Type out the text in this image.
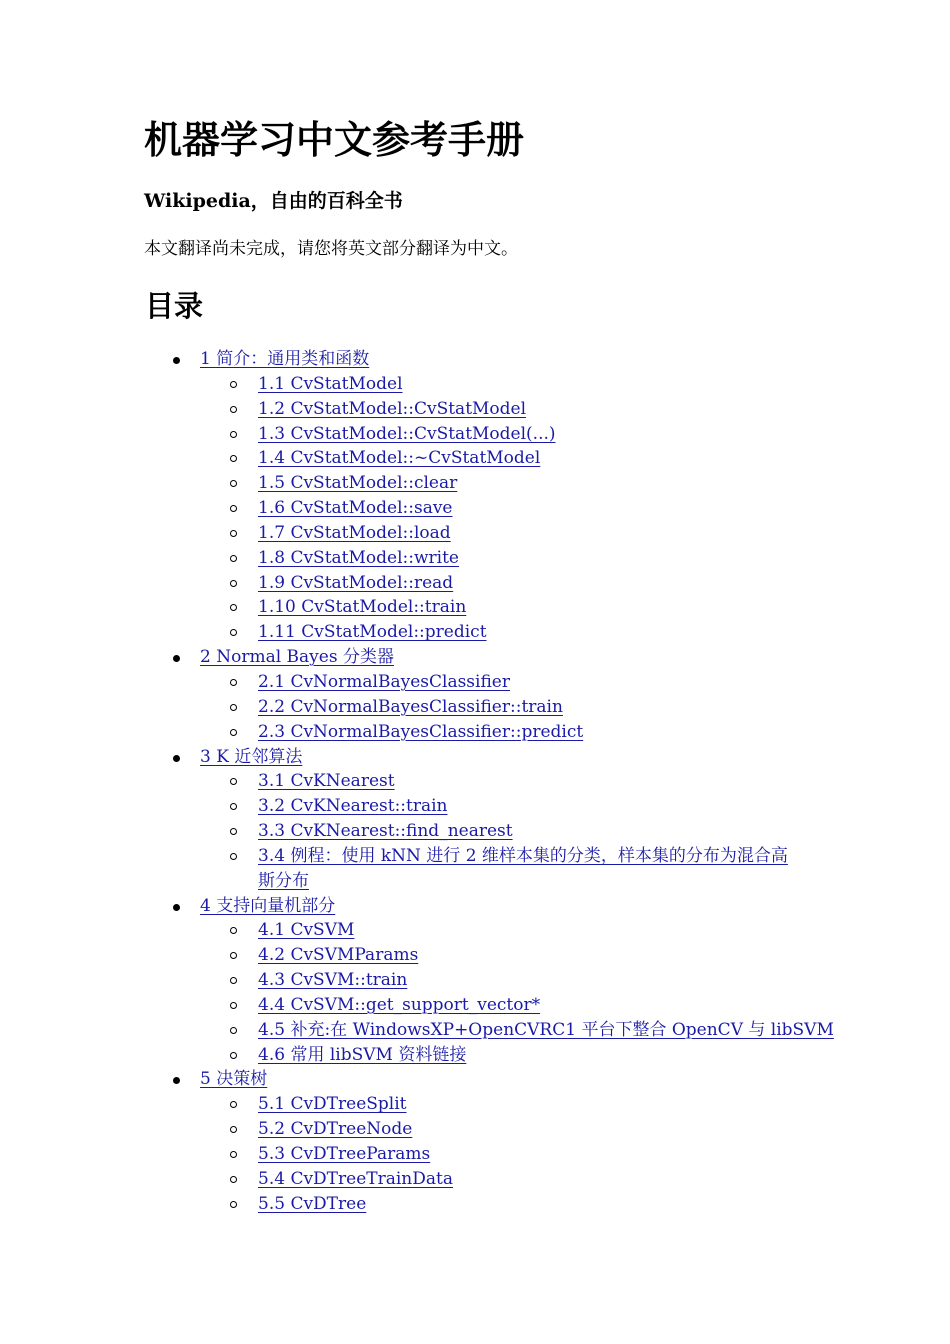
机器学习中文参考手册
Wikipedia，自由的百科全书

本文翻译尚未完成，请您将英文部分翻译为中文。

目录
1 简介：通用类和函数
1.1 CvStatModel
1.2 CvStatModel::CvStatModel
1.3 CvStatModel::CvStatModel(...)
1.4 CvStatModel::~CvStatModel
1.5 CvStatModel::clear
1.6 CvStatModel::save
1.7 CvStatModel::load
1.8 CvStatModel::write
1.9 CvStatModel::read
1.10 CvStatModel::train
1.11 CvStatModel::predict
2 Normal Bayes 分类器
2.1 CvNormalBayesClassifier
2.2 CvNormalBayesClassifier::train
2.3 CvNormalBayesClassifier::predict
3 K 近邻算法
3.1 CvKNearest
3.2 CvKNearest::train
3.3 CvKNearest::find_nearest
3.4 例程：使用 kNN 进行 2 维样本集的分类，样本集的分布为混合高斯分布
4 支持向量机部分
4.1 CvSVM
4.2 CvSVMParams
4.3 CvSVM::train
4.4 CvSVM::get_support_vector*
4.5 补充:在 WindowsXP+OpenCVRC1 平台下整合 OpenCV 与 libSVM
4.6 常用 libSVM 资料链接
5 决策树
5.1 CvDTreeSplit
5.2 CvDTreeNode
5.3 CvDTreeParams
5.4 CvDTreeTrainData
5.5 CvDTree
